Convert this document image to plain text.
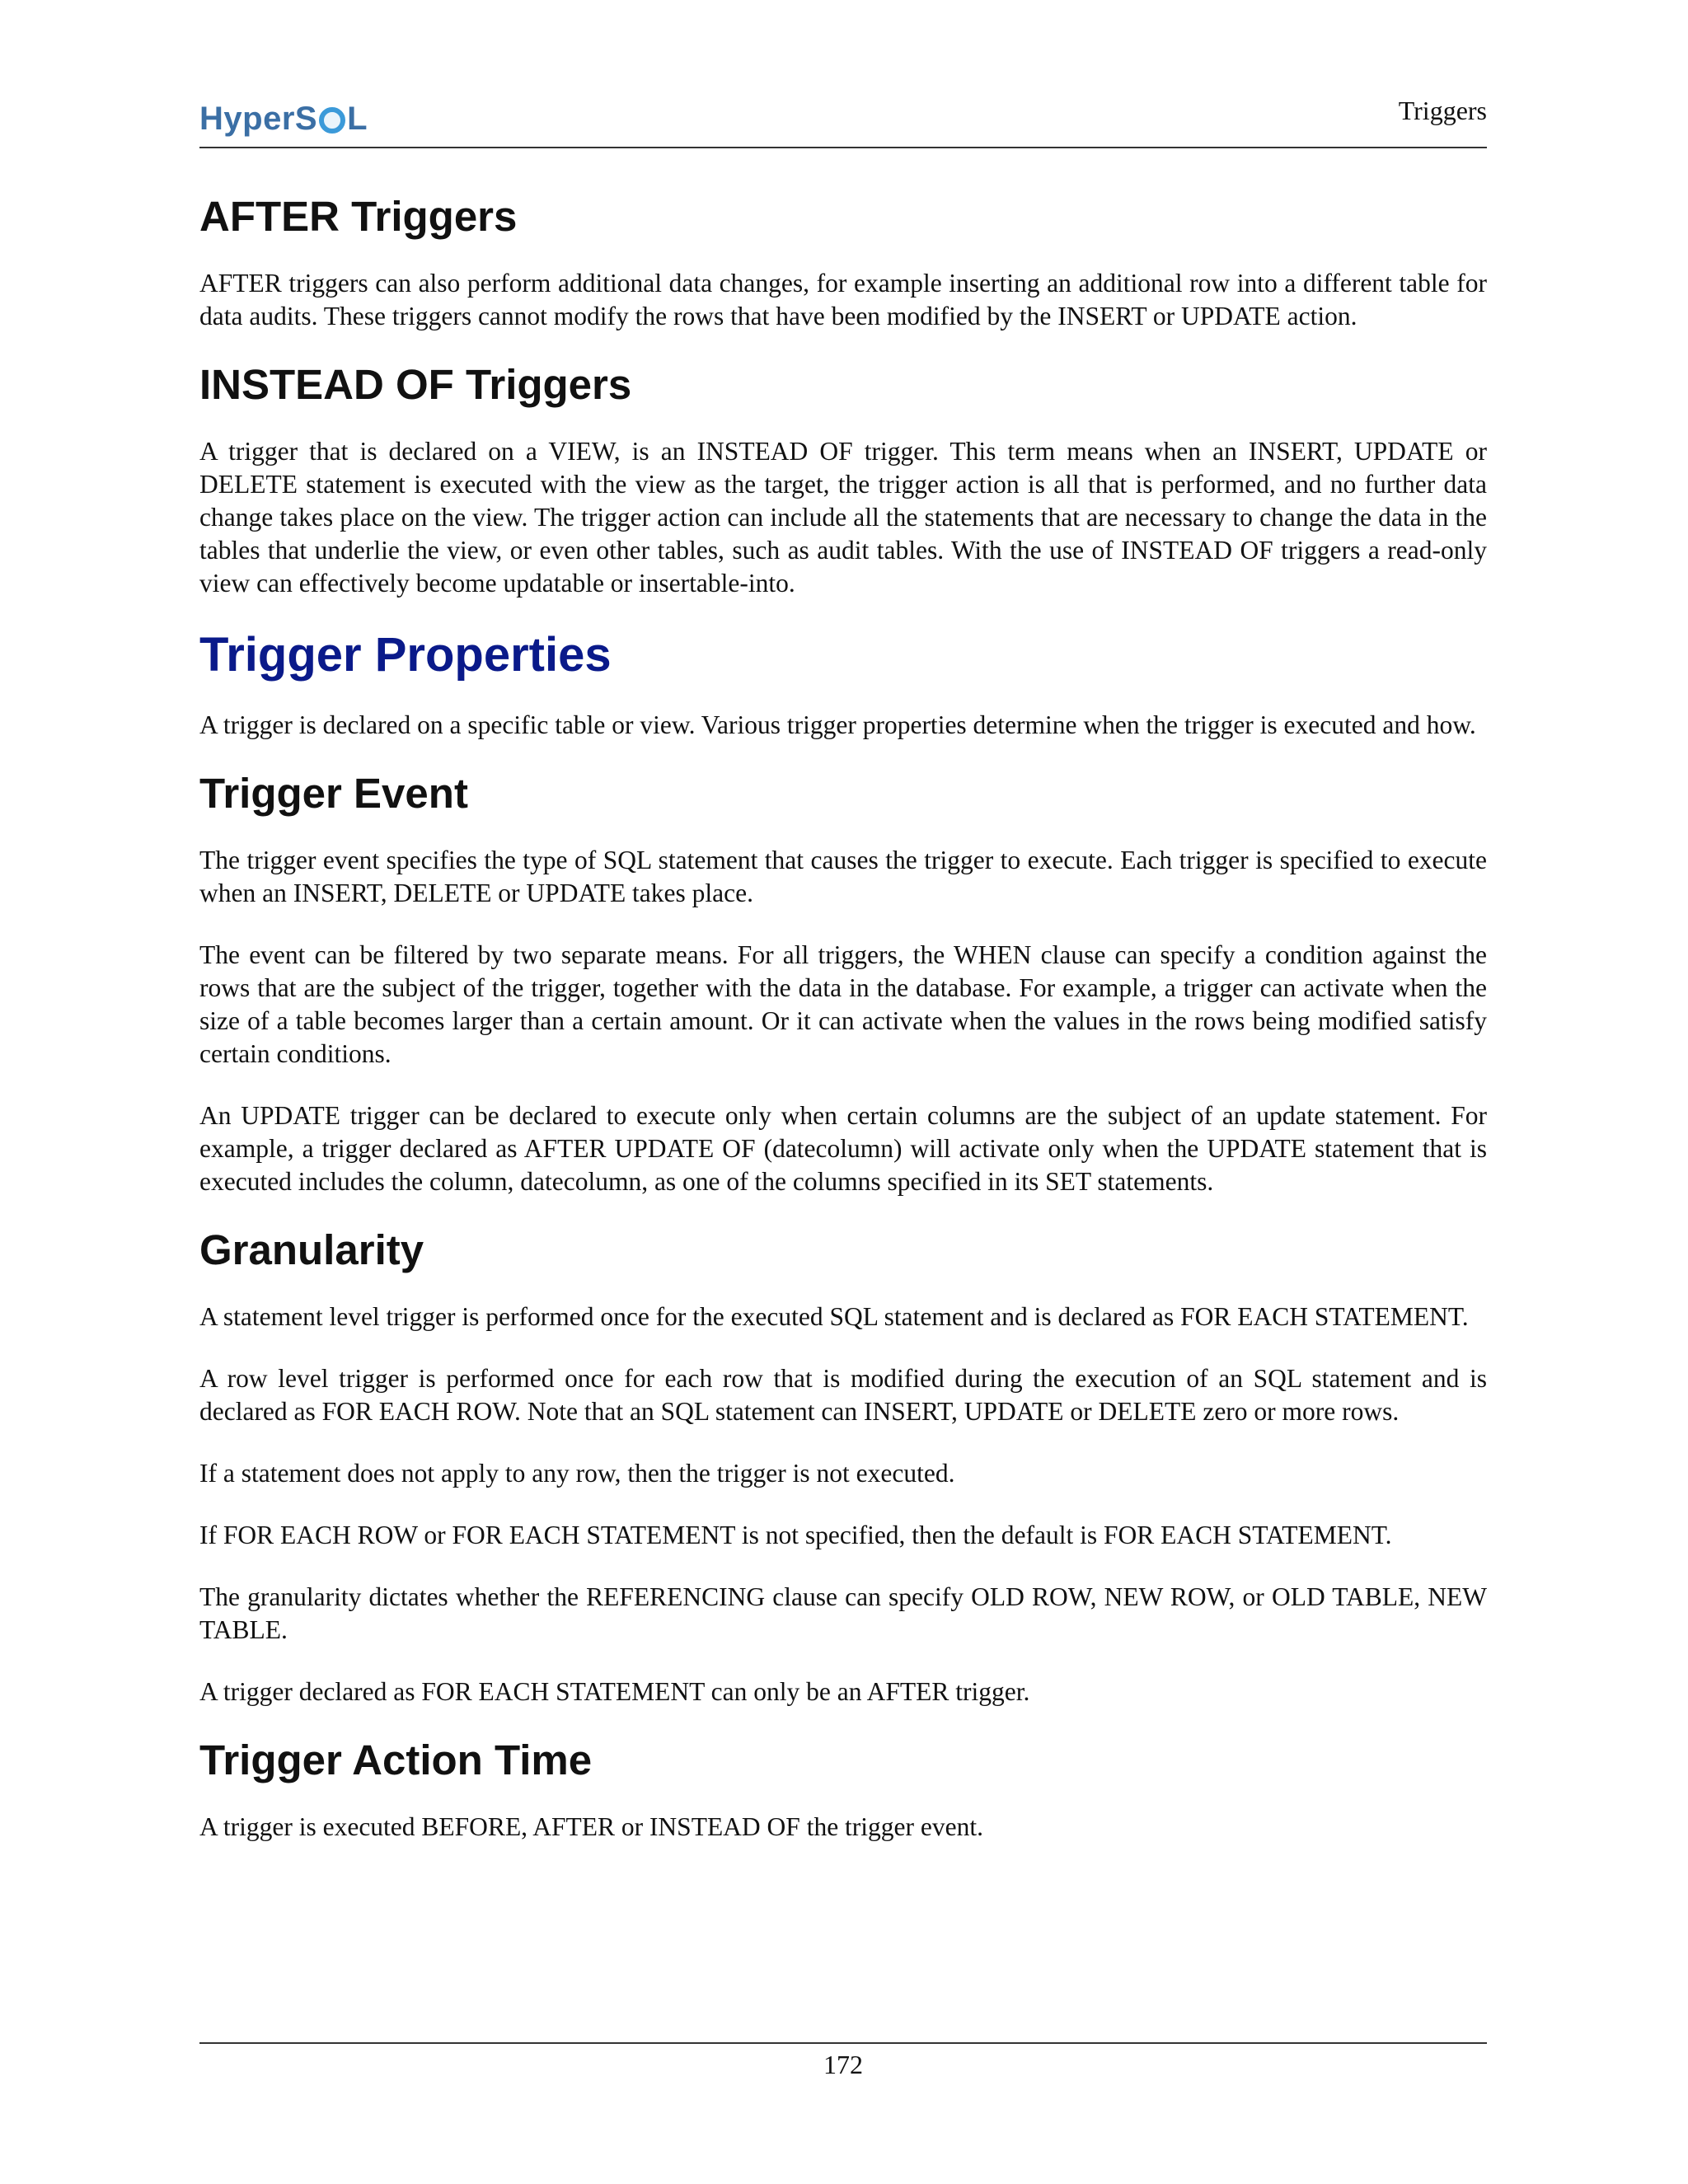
HyperS L	Triggers
AFTER Triggers

AFTER triggers can also perform additional data changes, for example inserting an additional row into a different table for data audits. These triggers cannot modify the rows that have been modified by the INSERT or UPDATE action.

INSTEAD OF Triggers

A trigger that is declared on a VIEW, is an INSTEAD OF trigger. This term means when an INSERT, UPDATE or DELETE statement is executed with the view as the target, the trigger action is all that is performed, and no further data change takes place on the view. The trigger action can include all the statements that are necessary to change the data in the tables that underlie the view, or even other tables, such as audit tables. With the use of INSTEAD OF triggers a read-only view can effectively become updatable or insertable-into.

Trigger Properties

A trigger is declared on a specific table or view. Various trigger properties determine when the trigger is executed and how.

Trigger Event

The trigger event specifies the type of SQL statement that causes the trigger to execute. Each trigger is specified to execute when an INSERT, DELETE or UPDATE takes place.

The event can be filtered by two separate means. For all triggers, the WHEN clause can specify a condition against the rows that are the subject of the trigger, together with the data in the database. For example, a trigger can activate when the size of a table becomes larger than a certain amount. Or it can activate when the values in the rows being modified satisfy certain conditions.

An UPDATE trigger can be declared to execute only when certain columns are the subject of an update statement. For example, a trigger declared as AFTER UPDATE OF (datecolumn) will activate only when the UPDATE statement that is executed includes the column, datecolumn, as one of the columns specified in its SET statements.

Granularity

A statement level trigger is performed once for the executed SQL statement and is declared as FOR EACH STATEMENT.

A row level trigger is performed once for each row that is modified during the execution of an SQL statement and is declared as FOR EACH ROW. Note that an SQL statement can INSERT, UPDATE or DELETE zero or more rows.

If a statement does not apply to any row, then the trigger is not executed.

If FOR EACH ROW or FOR EACH STATEMENT is not specified, then the default is FOR EACH STATEMENT.

The granularity dictates whether the REFERENCING clause can specify OLD ROW, NEW ROW, or OLD TABLE, NEW TABLE.

A trigger declared as FOR EACH STATEMENT can only be an AFTER trigger.

Trigger Action Time

A trigger is executed BEFORE, AFTER or INSTEAD OF the trigger event.

172
